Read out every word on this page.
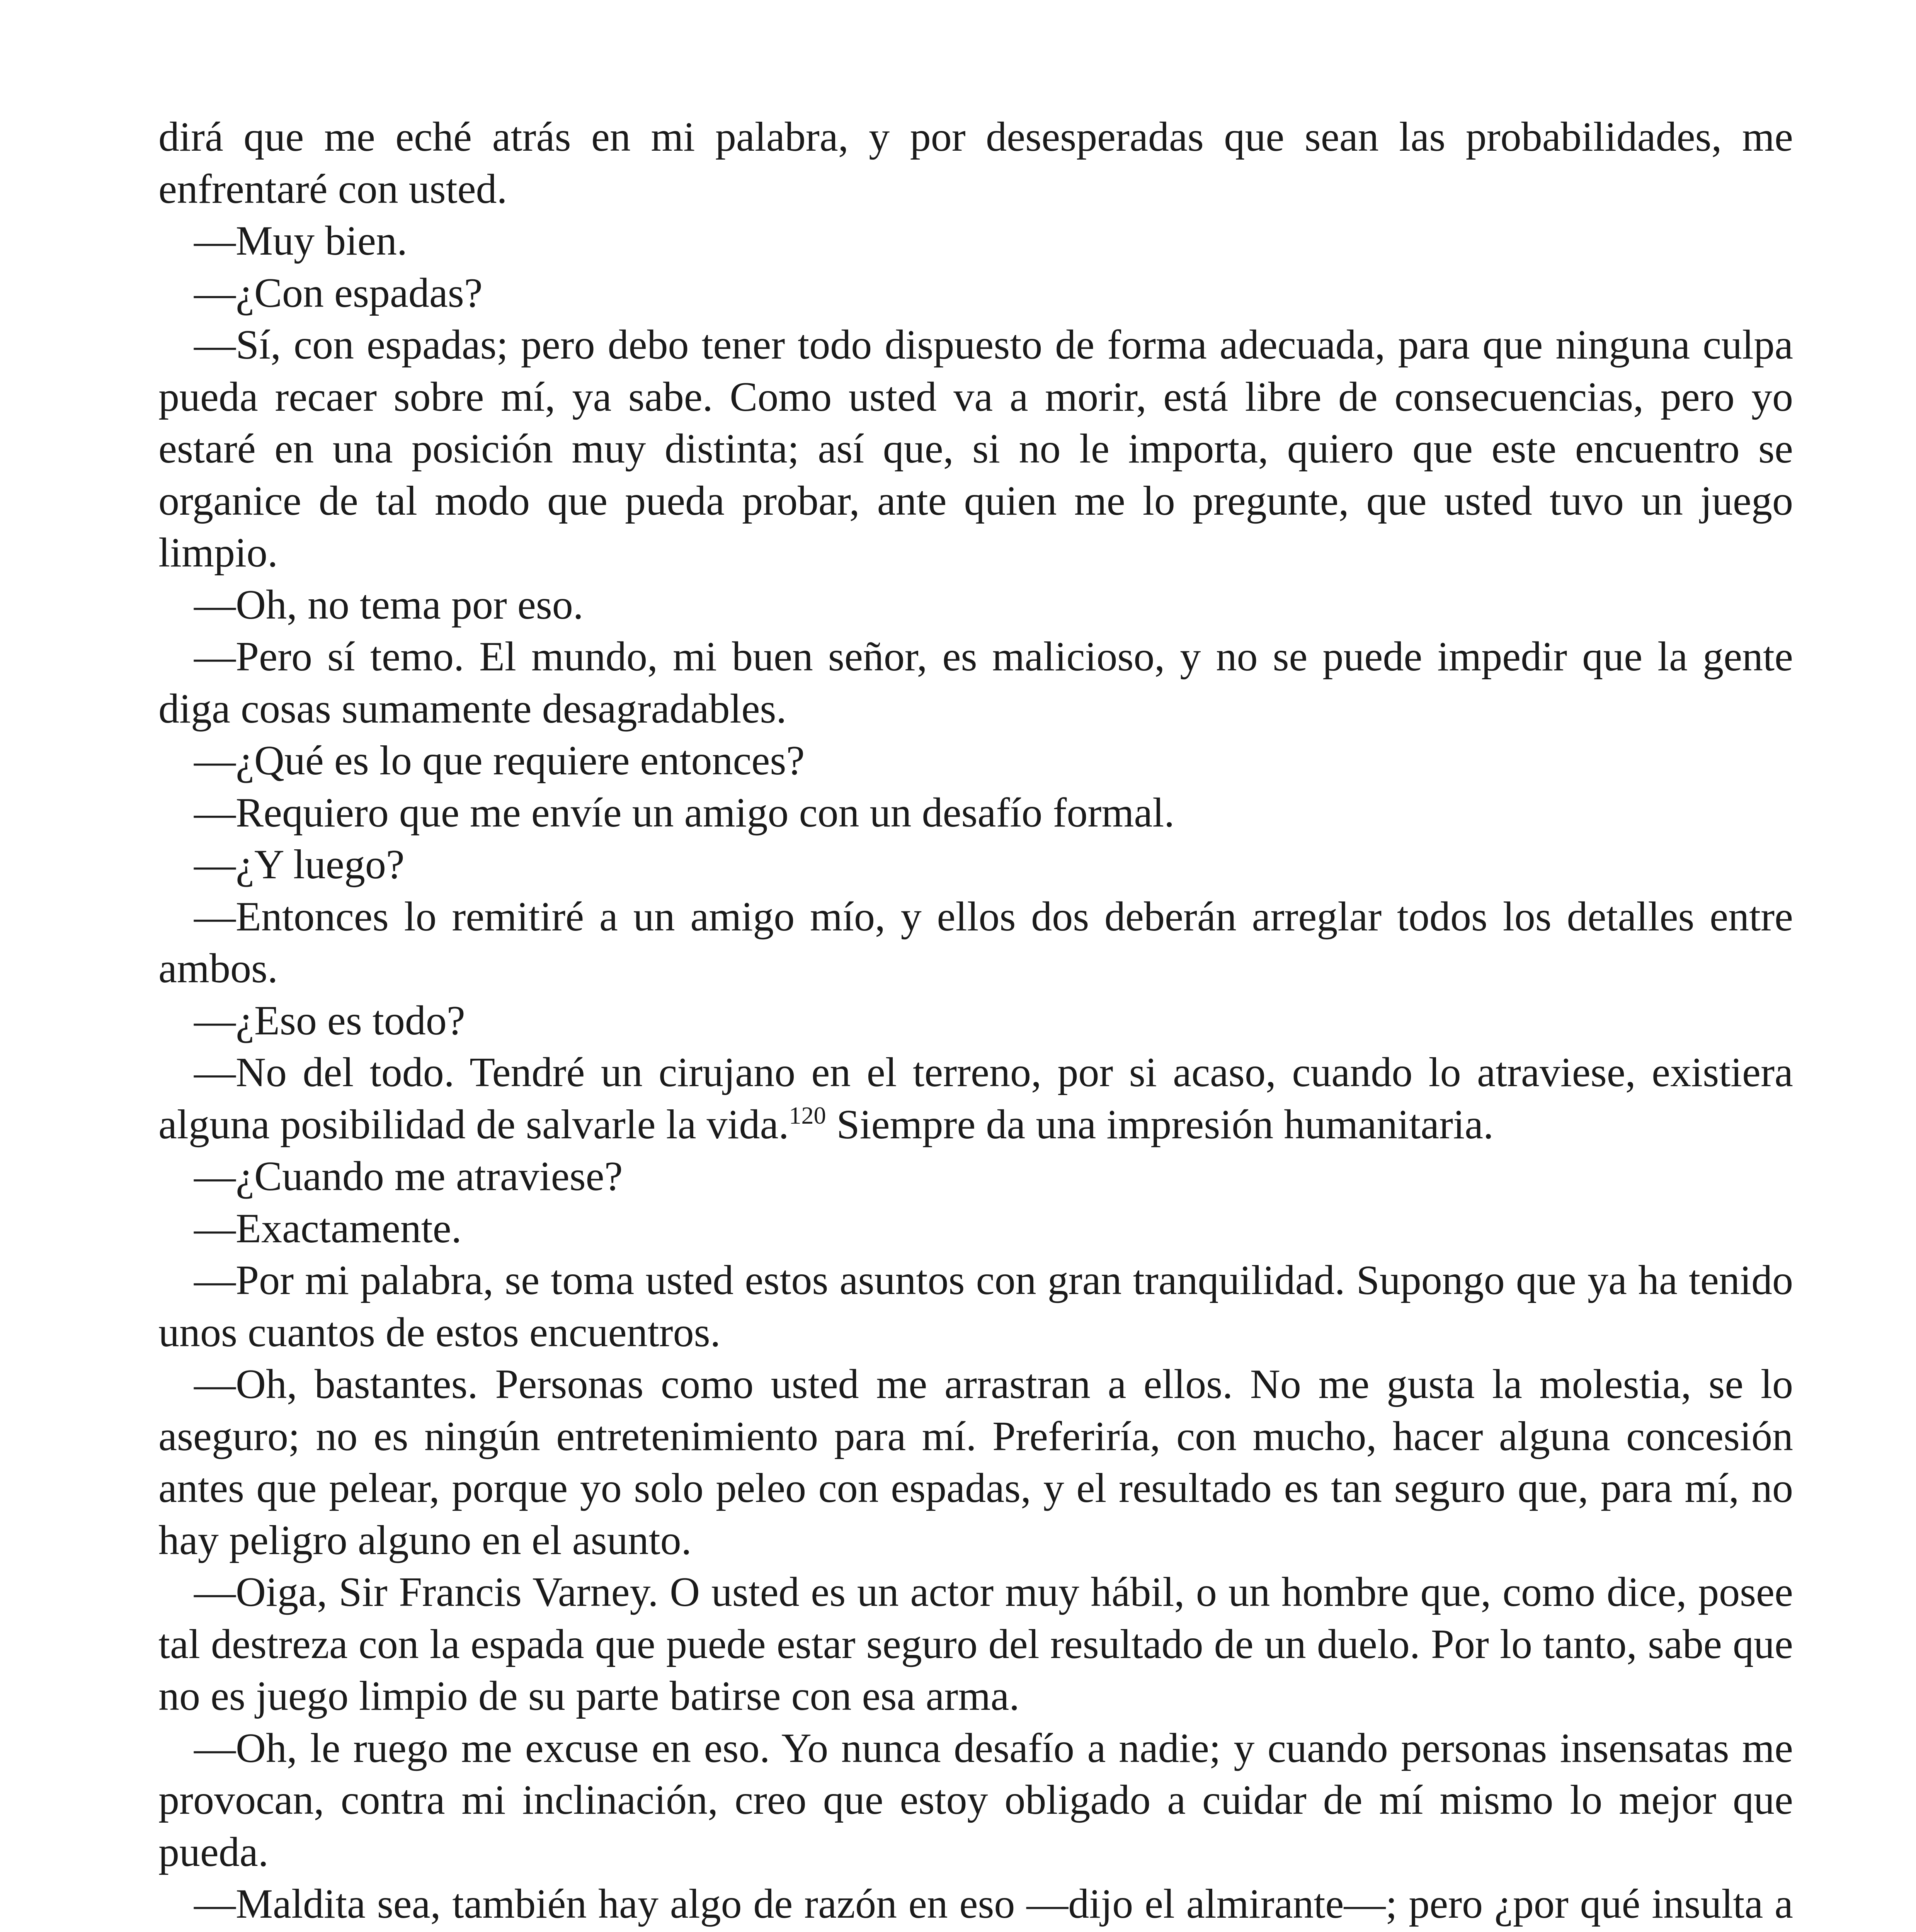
dirá que me eché atrás en mi palabra, y por desesperadas que sean las probabilidades, me enfrentaré con usted.

—Muy bien.

—¿Con espadas?

—Sí, con espadas; pero debo tener todo dispuesto de forma adecuada, para que ninguna culpa pueda recaer sobre mí, ya sabe. Como usted va a morir, está libre de consecuencias, pero yo estaré en una posición muy distinta; así que, si no le importa, quiero que este encuentro se organice de tal modo que pueda probar, ante quien me lo pregunte, que usted tuvo un juego limpio.

—Oh, no tema por eso.

—Pero sí temo. El mundo, mi buen señor, es malicioso, y no se puede impedir que la gente diga cosas sumamente desagradables.

—¿Qué es lo que requiere entonces?

—Requiero que me envíe un amigo con un desafío formal.

—¿Y luego?

—Entonces lo remitiré a un amigo mío, y ellos dos deberán arreglar todos los detalles entre ambos.

—¿Eso es todo?

—No del todo. Tendré un cirujano en el terreno, por si acaso, cuando lo atraviese, existiera alguna posibilidad de salvarle la vida.$^{120}$ Siempre da una impresión humanitaria.

—¿Cuando me atraviese?

—Exactamente.

—Por mi palabra, se toma usted estos asuntos con gran tranquilidad. Supongo que ya ha tenido unos cuantos de estos encuentros.

—Oh, bastantes. Personas como usted me arrastran a ellos. No me gusta la molestia, se lo aseguro; no es ningún entretenimiento para mí. Preferiría, con mucho, hacer alguna concesión antes que pelear, porque yo solo peleo con espadas, y el resultado es tan seguro que, para mí, no hay peligro alguno en el asunto.

—Oiga, Sir Francis Varney. O usted es un actor muy hábil, o un hombre que, como dice, posee tal destreza con la espada que puede estar seguro del resultado de un duelo. Por lo tanto, sabe que no es juego limpio de su parte batirse con esa arma.

—Oh, le ruego me excuse en eso. Yo nunca desafío a nadie; y cuando personas insensatas me provocan, contra mi inclinación, creo que estoy obligado a cuidar de mí mismo lo mejor que pueda.

—Maldita sea, también hay algo de razón en eso —dijo el almirante—; pero ¿por qué insulta a
